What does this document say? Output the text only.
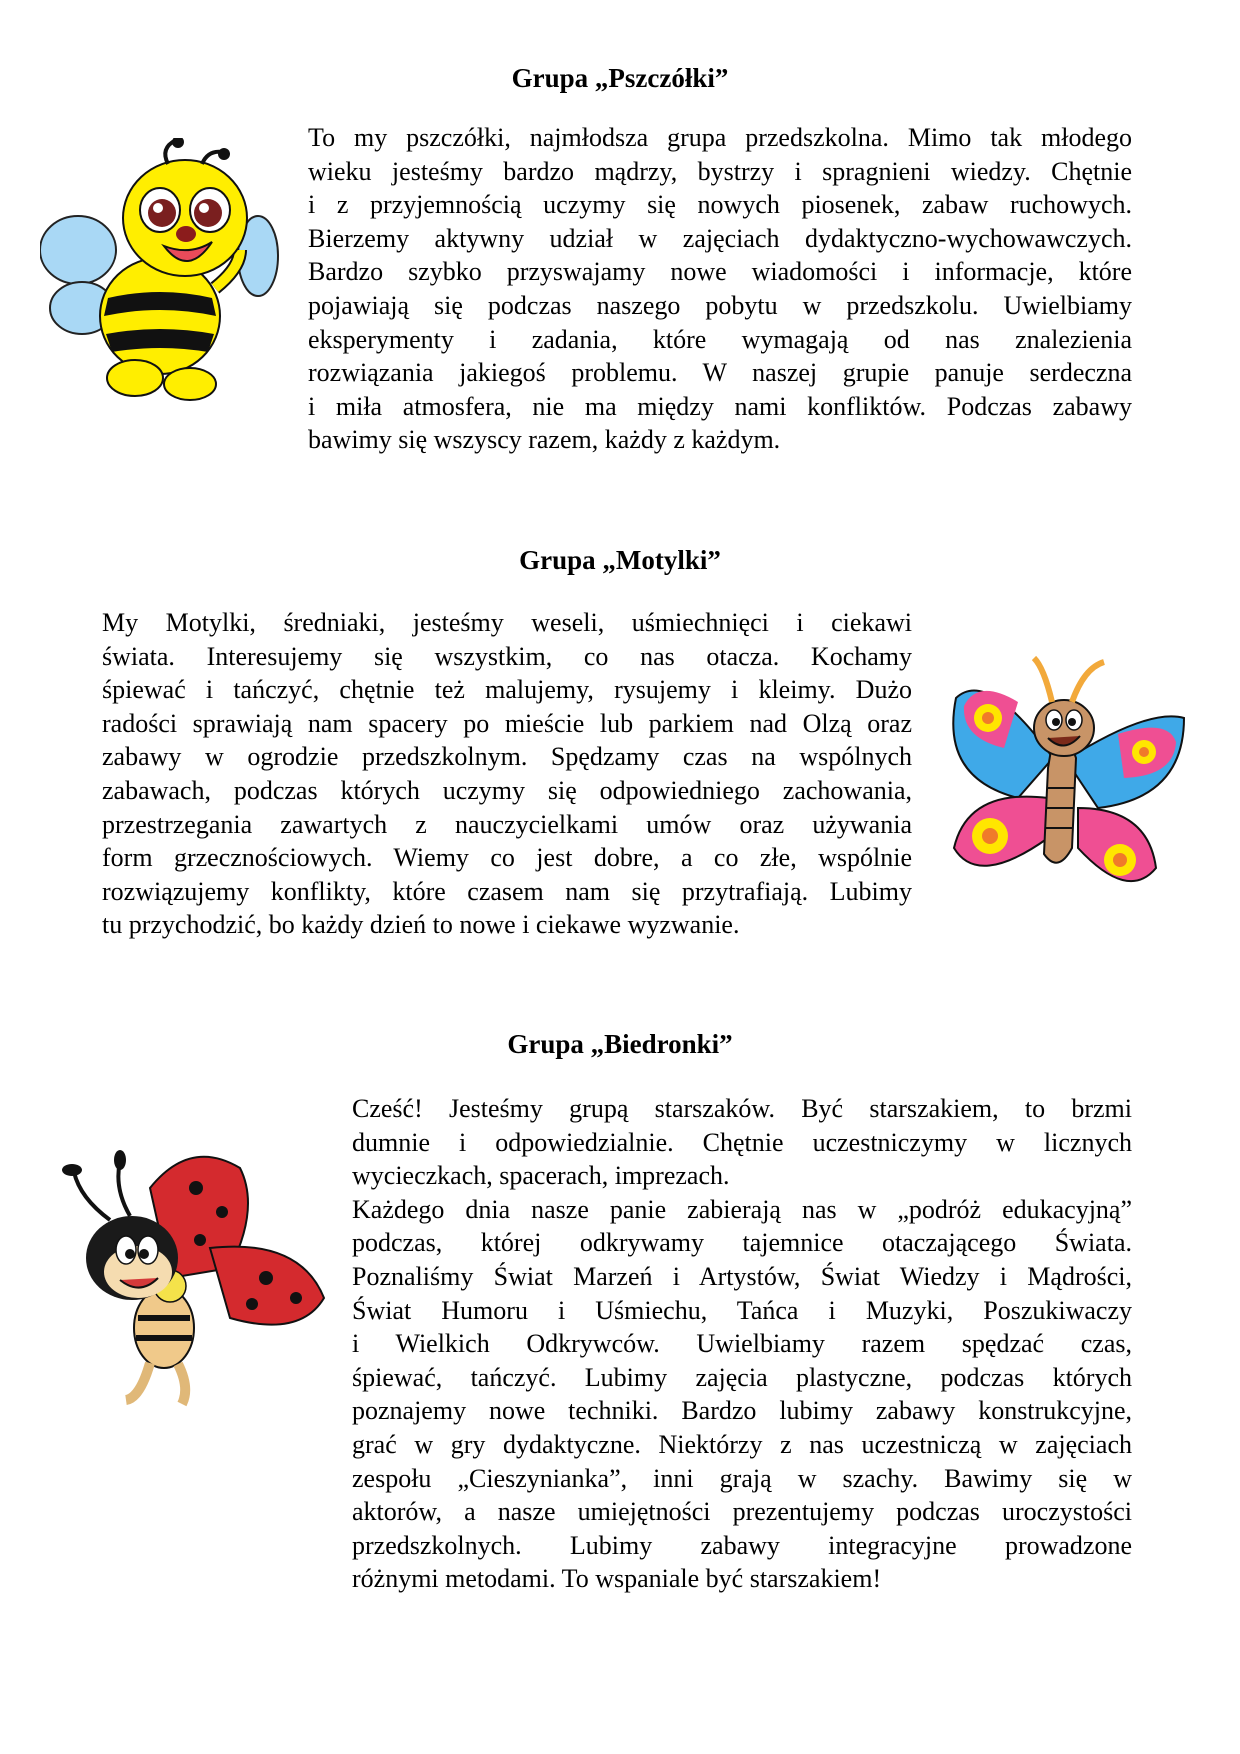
Grupa „Pszczółki”
To my pszczółki, najmłodsza grupa przedszkolna. Mimo tak młodego
wieku jesteśmy bardzo mądrzy, bystrzy i spragnieni wiedzy. Chętnie
i z przyjemnością uczymy się nowych piosenek, zabaw ruchowych.
Bierzemy aktywny udział w zajęciach dydaktyczno-wychowawczych.
Bardzo szybko przyswajamy nowe wiadomości i informacje, które
pojawiają się podczas naszego pobytu w przedszkolu. Uwielbiamy
eksperymenty i zadania, które wymagają od nas znalezienia
rozwiązania jakiegoś problemu. W naszej grupie panuje serdeczna
i miła atmosfera, nie ma między nami konfliktów. Podczas zabawy
bawimy się wszyscy razem, każdy z każdym.
Grupa „Motylki”
My Motylki, średniaki, jesteśmy weseli, uśmiechnięci i ciekawi
świata. Interesujemy się wszystkim, co nas otacza. Kochamy
śpiewać i tańczyć, chętnie też malujemy, rysujemy i kleimy. Dużo
radości sprawiają nam spacery po mieście lub parkiem nad Olzą oraz
zabawy w ogrodzie przedszkolnym. Spędzamy czas na wspólnych
zabawach, podczas których uczymy się odpowiedniego zachowania,
przestrzegania zawartych z nauczycielkami umów oraz używania
form grzecznościowych. Wiemy co jest dobre, a co złe, wspólnie
rozwiązujemy konflikty, które czasem nam się przytrafiają. Lubimy
tu przychodzić, bo każdy dzień to nowe i ciekawe wyzwanie.
Grupa „Biedronki”
Cześć! Jesteśmy grupą starszaków. Być starszakiem, to brzmi
dumnie i odpowiedzialnie. Chętnie uczestniczymy w licznych
wycieczkach, spacerach, imprezach.
Każdego dnia nasze panie zabierają nas w „podróż edukacyjną”
podczas, której odkrywamy tajemnice otaczającego Świata.
Poznaliśmy Świat Marzeń i Artystów, Świat Wiedzy i Mądrości,
Świat Humoru i Uśmiechu, Tańca i Muzyki, Poszukiwaczy
i Wielkich Odkrywców. Uwielbiamy razem spędzać czas,
śpiewać, tańczyć. Lubimy zajęcia plastyczne, podczas których
poznajemy nowe techniki. Bardzo lubimy zabawy konstrukcyjne,
grać w gry dydaktyczne. Niektórzy z nas uczestniczą w zajęciach
zespołu „Cieszynianka”, inni grają w szachy. Bawimy się w
aktorów, a nasze umiejętności prezentujemy podczas uroczystości
przedszkolnych. Lubimy zabawy integracyjne prowadzone
różnymi metodami. To wspaniale być starszakiem!
